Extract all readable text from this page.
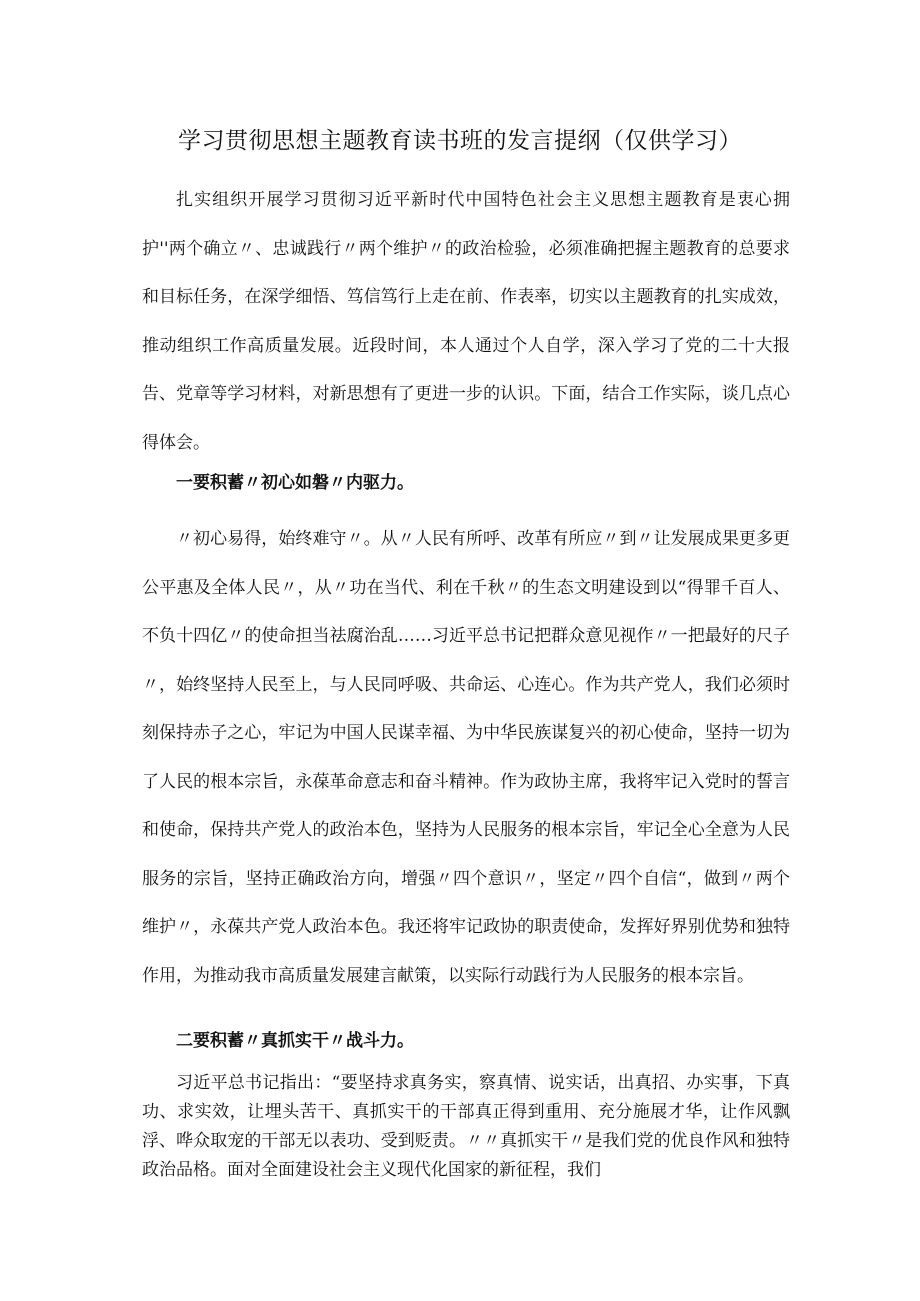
学习贯彻思想主题教育读书班的发言提纲（仅供学习）

扎实组织开展学习贯彻习近平新时代中国特色社会主义思想主题教育是衷心拥护''两个确立〃、忠诚践行〃两个维护〃的政治检验，必须准确把握主题教育的总要求和目标任务，在深学细悟、笃信笃行上走在前、作表率，切实以主题教育的扎实成效，推动组织工作高质量发展。近段时间，本人通过个人自学，深入学习了党的二十大报告、党章等学习材料，对新思想有了更进一步的认识。下面，结合工作实际，谈几点心得体会。

一要积蓄〃初心如磐〃内驱力。

〃初心易得，始终难守〃。从〃人民有所呼、改革有所应〃到〃让发展成果更多更公平惠及全体人民〃，从〃功在当代、利在千秋〃的生态文明建设到以“得罪千百人、不负十四亿〃的使命担当祛腐治乱……习近平总书记把群众意见视作〃一把最好的尺子〃，始终坚持人民至上，与人民同呼吸、共命运、心连心。作为共产党人，我们必须时刻保持赤子之心，牢记为中国人民谋幸福、为中华民族谋复兴的初心使命，坚持一切为了人民的根本宗旨，永葆革命意志和奋斗精神。作为政协主席，我将牢记入党时的誓言和使命，保持共产党人的政治本色，坚持为人民服务的根本宗旨，牢记全心全意为人民服务的宗旨，坚持正确政治方向，增强〃四个意识〃，坚定〃四个自信“，做到〃两个维护〃，永葆共产党人政治本色。我还将牢记政协的职责使命，发挥好界别优势和独特作用，为推动我市高质量发展建言献策，以实际行动践行为人民服务的根本宗旨。

二要积蓄〃真抓实干〃战斗力。

习近平总书记指出：“要坚持求真务实，察真情、说实话，出真招、办实事，下真功、求实效，让埋头苦干、真抓实干的干部真正得到重用、充分施展才华，让作风飘浮、哗众取宠的干部无以表功、受到贬责。〃〃真抓实干〃是我们党的优良作风和独特政治品格。面对全面建设社会主义现代化国家的新征程，我们
